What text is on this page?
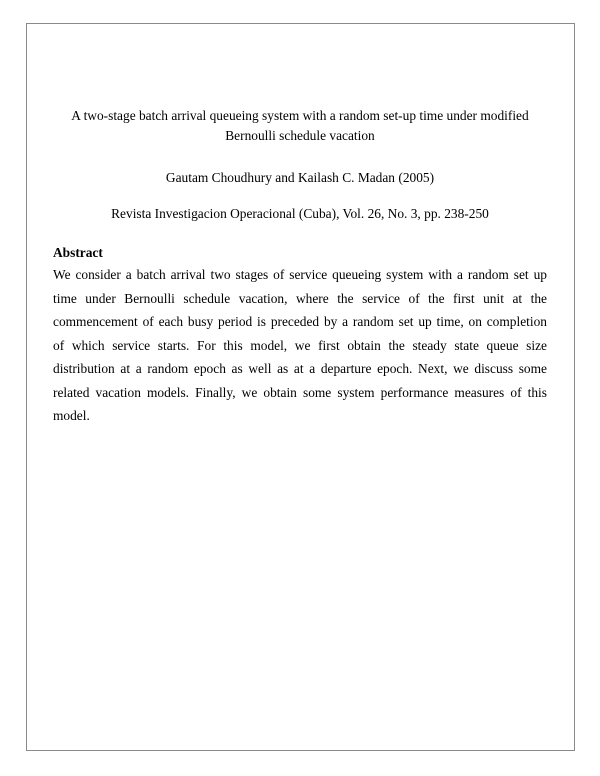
A two-stage batch arrival queueing system with a random set-up time under modified
Bernoulli schedule vacation
Gautam Choudhury and Kailash C. Madan (2005)
Revista Investigacion Operacional (Cuba), Vol. 26, No. 3, pp. 238-250
Abstract
We consider a batch arrival two stages of service queueing system with a random set up
time under Bernoulli schedule vacation, where the service of the first unit at the
commencement of each busy period is preceded by a random set up time, on completion
of which service starts. For this model, we first obtain the steady state queue size
distribution at a random epoch as well as at a departure epoch. Next, we discuss some
related vacation models. Finally, we obtain some system performance measures of this
model.
